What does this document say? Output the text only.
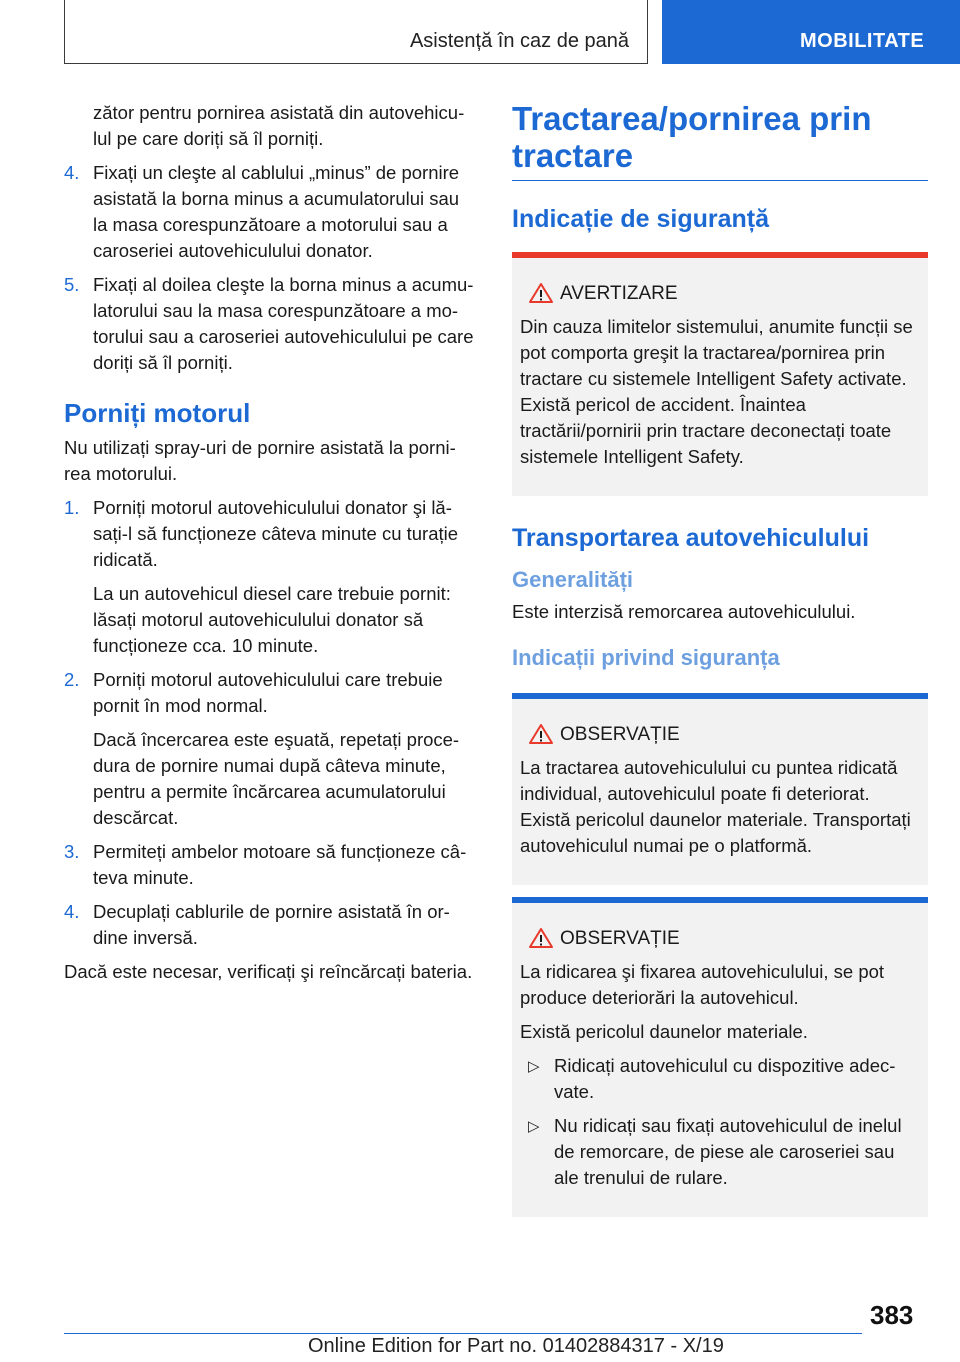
Asistență în caz de pană	MOBILITATE

zător pentru pornirea asistată din autovehicu-lul pe care doriți să îl porniți.

4. Fixați un cleşte al cablului „minus” de pornire asistată la borna minus a acumulatorului sau la masa corespunzătoare a motorului sau a caroseriei autovehiculului donator.
5. Fixați al doilea cleşte la borna minus a acumu-latorului sau la masa corespunzătoare a mo-torului sau a caroseriei autovehiculului pe care doriți să îl porniți.
Porniți motorul

Nu utilizați spray-uri de pornire asistată la porni-rea motorului.

1. Porniți motorul autovehiculului donator şi lă-sați-l să funcționeze câteva minute cu turație ridicată.
La un autovehicul diesel care trebuie pornit: lăsați motorul autovehiculului donator să funcționeze cca. 10 minute.
2. Porniți motorul autovehiculului care trebuie pornit în mod normal.
Dacă încercarea este eşuată, repetați proce-dura de pornire numai după câteva minute, pentru a permite încărcarea acumulatorului descărcat.
3. Permiteți ambelor motoare să funcționeze câ-teva minute.
4. Decuplați cablurile de pornire asistată în or-dine inversă.

Dacă este necesar, verificați şi reîncărcați bateria.

Tractarea/pornirea prin tractare
Indicație de siguranță
AVERTIZARE

Din cauza limitelor sistemului, anumite funcții se pot comporta greşit la tractarea/pornirea prin tractare cu sistemele Intelligent Safety activate. Există pericol de accident. Înaintea tractării/pornirii prin tractare deconectați toate sistemele Intelligent Safety.

Transportarea autovehiculului
Generalități

Este interzisă remorcarea autovehiculului.

Indicații privind siguranța
OBSERVAȚIE

La tractarea autovehiculului cu puntea ridicată individual, autovehiculul poate fi deteriorat. Există pericolul daunelor materiale. Transportați autovehiculul numai pe o platformă.

OBSERVAȚIE

La ridicarea şi fixarea autovehiculului, se pot produce deteriorări la autovehicul.

Există pericolul daunelor materiale.

▷ Ridicați autovehiculul cu dispozitive adec-vate.
▷ Nu ridicați sau fixați autovehiculul de inelul de remorcare, de piese ale caroseriei sau ale trenului de rulare.
383
Online Edition for Part no. 01402884317 - X/19
